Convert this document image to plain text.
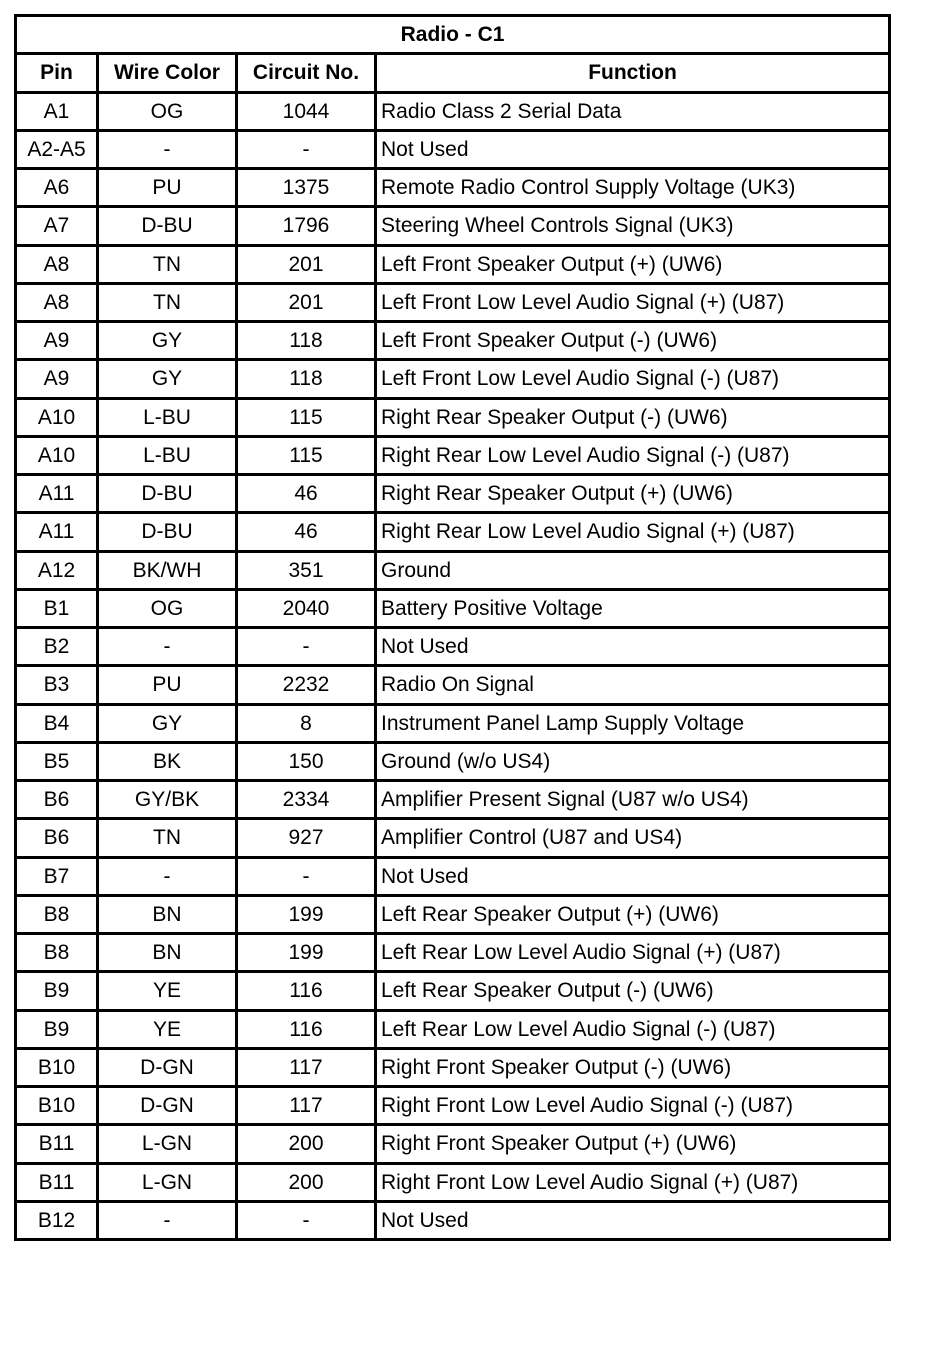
Radio - C1			
Pin	Wire Color	Circuit No.	Function
A1	OG	1044	Radio Class 2 Serial Data
A2-A5	-	-	Not Used
A6	PU	1375	Remote Radio Control Supply Voltage (UK3)
A7	D-BU	1796	Steering Wheel Controls Signal (UK3)
A8	TN	201	Left Front Speaker Output (+) (UW6)
A8	TN	201	Left Front Low Level Audio Signal (+) (U87)
A9	GY	118	Left Front Speaker Output (-) (UW6)
A9	GY	118	Left Front Low Level Audio Signal (-) (U87)
A10	L-BU	115	Right Rear Speaker Output (-) (UW6)
A10	L-BU	115	Right Rear Low Level Audio Signal (-) (U87)
A11	D-BU	46	Right Rear Speaker Output (+) (UW6)
A11	D-BU	46	Right Rear Low Level Audio Signal (+) (U87)
A12	BK/WH	351	Ground
B1	OG	2040	Battery Positive Voltage
B2	-	-	Not Used
B3	PU	2232	Radio On Signal
B4	GY	8	Instrument Panel Lamp Supply Voltage
B5	BK	150	Ground (w/o US4)
B6	GY/BK	2334	Amplifier Present Signal (U87 w/o US4)
B6	TN	927	Amplifier Control (U87 and US4)
B7	-	-	Not Used
B8	BN	199	Left Rear Speaker Output (+) (UW6)
B8	BN	199	Left Rear Low Level Audio Signal (+) (U87)
B9	YE	116	Left Rear Speaker Output (-) (UW6)
B9	YE	116	Left Rear Low Level Audio Signal (-) (U87)
B10	D-GN	117	Right Front Speaker Output (-) (UW6)
B10	D-GN	117	Right Front Low Level Audio Signal (-) (U87)
B11	L-GN	200	Right Front Speaker Output (+) (UW6)
B11	L-GN	200	Right Front Low Level Audio Signal (+) (U87)
B12	-	-	Not Used
